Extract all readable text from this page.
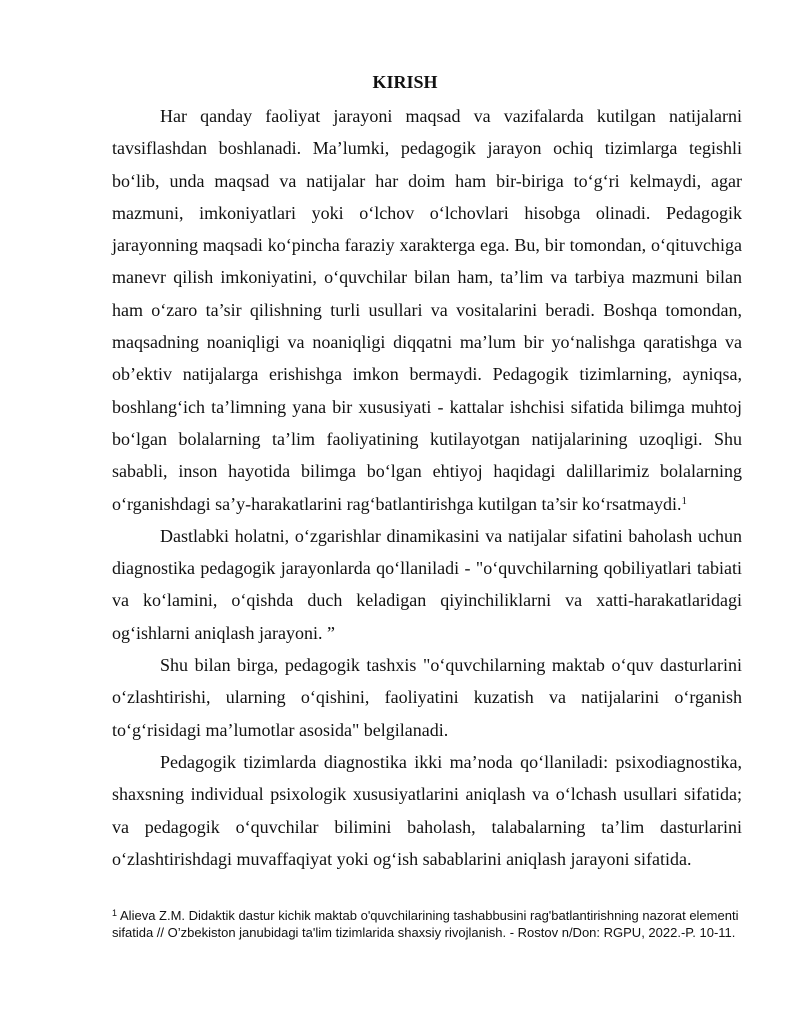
KIRISH

Har qanday faoliyat jarayoni maqsad va vazifalarda kutilgan natijalarni tavsiflashdan boshlanadi. Ma’lumki, pedagogik jarayon ochiq tizimlarga tegishli bo‘lib, unda maqsad va natijalar har doim ham bir-biriga to‘g‘ri kelmaydi, agar mazmuni, imkoniyatlari yoki o‘lchov o‘lchovlari hisobga olinadi. Pedagogik jarayonning maqsadi ko‘pincha faraziy xarakterga ega. Bu, bir tomondan, o‘qituvchiga manevr qilish imkoniyatini, o‘quvchilar bilan ham, ta’lim va tarbiya mazmuni bilan ham o‘zaro ta’sir qilishning turli usullari va vositalarini beradi. Boshqa tomondan, maqsadning noaniqligi va noaniqligi diqqatni ma’lum bir yo‘nalishga qaratishga va ob’ektiv natijalarga erishishga imkon bermaydi. Pedagogik tizimlarning, ayniqsa, boshlang‘ich ta’limning yana bir xususiyati - kattalar ishchisi sifatida bilimga muhtoj bo‘lgan bolalarning ta’lim faoliyatining kutilayotgan natijalarining uzoqligi. Shu sababli, inson hayotida bilimga bo‘lgan ehtiyoj haqidagi dalillarimiz bolalarning o‘rganishdagi sa’y-harakatlarini rag‘batlantirishga kutilgan ta’sir ko‘rsatmaydi.$^1$

Dastlabki holatni, o‘zgarishlar dinamikasini va natijalar sifatini baholash uchun diagnostika pedagogik jarayonlarda qo‘llaniladi - "o‘quvchilarning qobiliyatlari tabiati va ko‘lamini, o‘qishda duch keladigan qiyinchiliklarni va xatti-harakatlaridagi og‘ishlarni aniqlash jarayoni. ”

Shu bilan birga, pedagogik tashxis "o‘quvchilarning maktab o‘quv dasturlarini o‘zlashtirishi, ularning o‘qishini, faoliyatini kuzatish va natijalarini o‘rganish to‘g‘risidagi ma’lumotlar asosida" belgilanadi.

Pedagogik tizimlarda diagnostika ikki ma’noda qo‘llaniladi: psixodiagnostika, shaxsning individual psixologik xususiyatlarini aniqlash va o‘lchash usullari sifatida; va pedagogik o‘quvchilar bilimini baholash, talabalarning ta’lim dasturlarini o‘zlashtirishdagi muvaffaqiyat yoki og‘ish sabablarini aniqlash jarayoni sifatida.

$^1$ Alieva Z.M. Didaktik dastur kichik maktab o'quvchilarining tashabbusini rag'batlantirishning nazorat elementi sifatida // O’zbekiston janubidagi ta'lim tizimlarida shaxsiy rivojlanish. - Rostov n/Don: RGPU, 2022.-P. 10-11.
